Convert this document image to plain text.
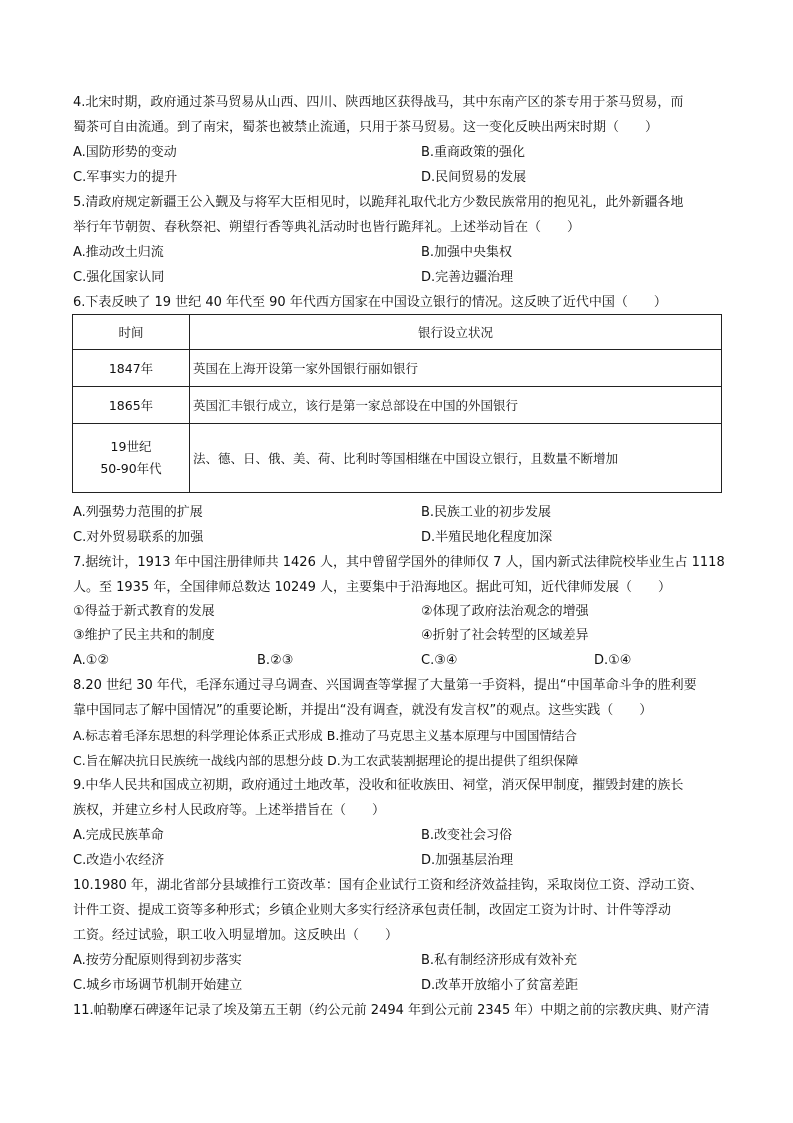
4.北宋时期，政府通过茶马贸易从山西、四川、陕西地区获得战马，其中东南产区的茶专用于茶马贸易，而
蜀茶可自由流通。到了南宋，蜀茶也被禁止流通，只用于茶马贸易。这一变化反映出两宋时期（　　）
A.国防形势的变动	B.重商政策的强化
C.军事实力的提升	D.民间贸易的发展
5.清政府规定新疆王公入觐及与将军大臣相见时，以跪拜礼取代北方少数民族常用的抱见礼，此外新疆各地
举行年节朝贺、春秋祭祀、朔望行香等典礼活动时也皆行跪拜礼。上述举动旨在（　　）
A.推动改土归流	B.加强中央集权
C.强化国家认同	D.完善边疆治理
6.下表反映了 19 世纪 40 年代至 90 年代西方国家在中国设立银行的情况。这反映了近代中国（　　）
时间	银行设立状况
1847年	英国在上海开设第一家外国银行丽如银行
1865年	英国汇丰银行成立，该行是第一家总部设在中国的外国银行

19世纪
50-90年代	法、德、日、俄、美、荷、比利时等国相继在中国设立银行，且数量不断增加
A.列强势力范围的扩展	B.民族工业的初步发展
C.对外贸易联系的加强	D.半殖民地化程度加深
7.据统计，1913 年中国注册律师共 1426 人，其中曾留学国外的律师仅 7 人，国内新式法律院校毕业生占 1118
人。至 1935 年，全国律师总数达 10249 人，主要集中于沿海地区。据此可知，近代律师发展（　　）
①得益于新式教育的发展	②体现了政府法治观念的增强
③维护了民主共和的制度	④折射了社会转型的区域差异
A.①②	B.②③	C.③④	D.①④
8.20 世纪 30 年代，毛泽东通过寻乌调查、兴国调查等掌握了大量第一手资料，提出“中国革命斗争的胜利要
靠中国同志了解中国情况”的重要论断，并提出“没有调查，就没有发言权”的观点。这些实践（　　）
A.标志着毛泽东思想的科学理论体系正式形成 B.推动了马克思主义基本原理与中国国情结合
C.旨在解决抗日民族统一战线内部的思想分歧 D.为工农武装割据理论的提出提供了组织保障
9.中华人民共和国成立初期，政府通过土地改革，没收和征收族田、祠堂，消灭保甲制度，摧毁封建的族长
族权，并建立乡村人民政府等。上述举措旨在（　　）
A.完成民族革命	B.改变社会习俗
C.改造小农经济	D.加强基层治理
10.1980 年，湖北省部分县域推行工资改革：国有企业试行工资和经济效益挂钩，采取岗位工资、浮动工资、
计件工资、提成工资等多种形式；乡镇企业则大多实行经济承包责任制，改固定工资为计时、计件等浮动
工资。经过试验，职工收入明显增加。这反映出（　　）
A.按劳分配原则得到初步落实	B.私有制经济形成有效补充
C.城乡市场调节机制开始建立	D.改革开放缩小了贫富差距
11.帕勒摩石碑逐年记录了埃及第五王朝（约公元前 2494 年到公元前 2345 年）中期之前的宗教庆典、财产清
